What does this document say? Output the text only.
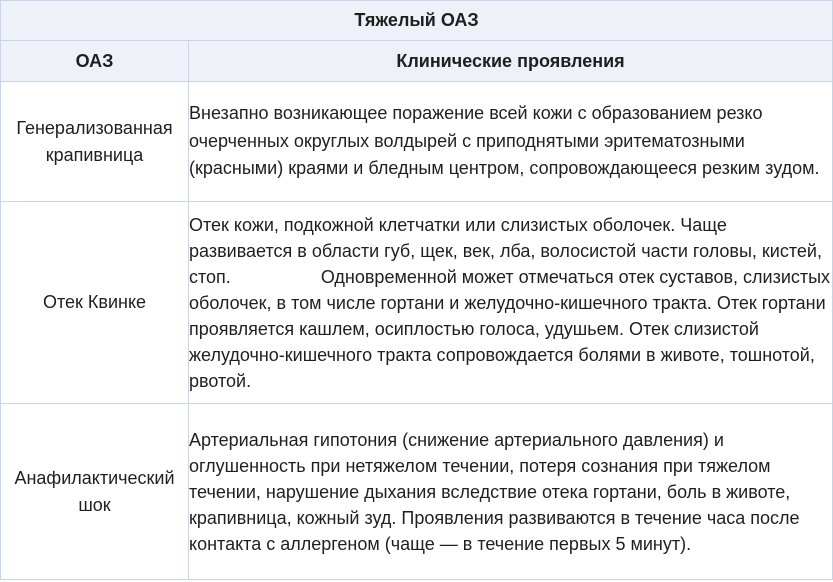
Тяжелый ОАЗ	
ОАЗ	Клинические проявления
Генерализованная крапивница	Внезапно возникающее поражение всей кожи с образованием резко очерченных округлых волдырей с приподнятыми эритематозными (красными) краями и бледным центром, сопровождающееся резким зудом.
Отек Квинке	Отек кожи, подкожной клетчатки или слизистых оболочек. Чаще развивается в области губ, щек, век, лба, волосистой части головы, кистей, стоп. Одновременной может отмечаться отек суставов, слизистых оболочек, в том числе гортани и желудочно-кишечного тракта. Отек гортани проявляется кашлем, осиплостью голоса, удушьем. Отек слизистой желудочно-кишечного тракта сопровождается болями в животе, тошнотой, рвотой.
Анафилактический шок	Артериальная гипотония (снижение артериального давления) и оглушенность при нетяжелом течении, потеря сознания при тяжелом течении, нарушение дыхания вследствие отека гортани, боль в животе, крапивница, кожный зуд. Проявления развиваются в течение часа после контакта с аллергеном (чаще — в течение первых 5 минут).
